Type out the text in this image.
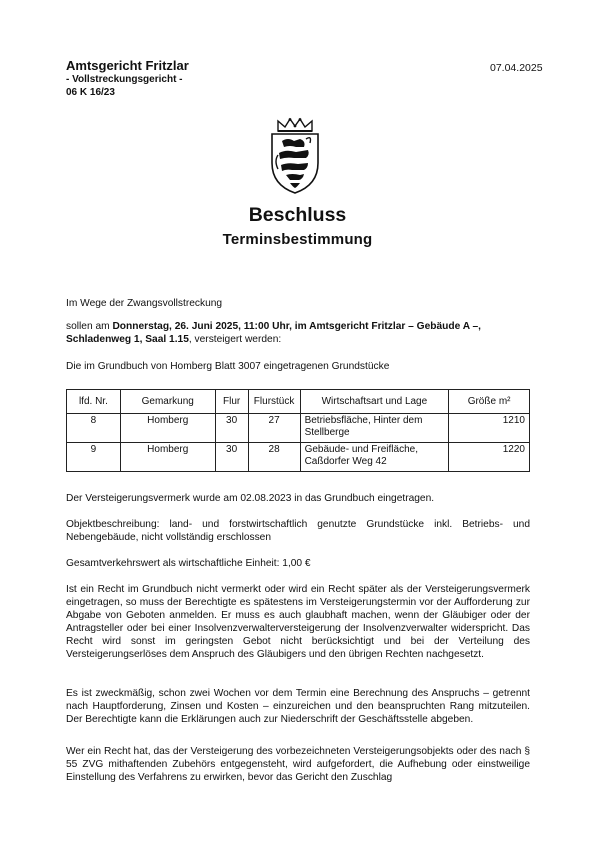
Amtsgericht Fritzlar
- Vollstreckungsgericht -
06 K 16/23
07.04.2025
Beschluss
Terminsbestimmung
Im Wege der Zwangsvollstreckung
sollen am Donnerstag, 26. Juni 2025, 11:00 Uhr, im Amtsgericht Fritzlar – Gebäude A –, Schladenweg 1, Saal 1.15, versteigert werden:
Die im Grundbuch von Homberg Blatt 3007 eingetragenen Grundstücke
lfd. Nr.	Gemarkung	Flur	Flurstück	Wirtschaftsart und Lage	Größe m²
8	Homberg	30	27	Betriebsfläche, Hinter dem Stellberge	1210
9	Homberg	30	28	Gebäude- und Freifläche, Caßdorfer Weg 42	1220
Der Versteigerungsvermerk wurde am 02.08.2023 in das Grundbuch eingetragen.
Objektbeschreibung: land- und forstwirtschaftlich genutzte Grundstücke inkl. Betriebs- und Nebengebäude, nicht vollständig erschlossen
Gesamtverkehrswert als wirtschaftliche Einheit: 1,00 €
Ist ein Recht im Grundbuch nicht vermerkt oder wird ein Recht später als der Versteigerungsvermerk eingetragen, so muss der Berechtigte es spätestens im Versteigerungstermin vor der Aufforderung zur Abgabe von Geboten anmelden. Er muss es auch glaubhaft machen, wenn der Gläubiger oder der Antragsteller oder bei einer Insolvenzverwalterversteigerung der Insolvenzverwalter widerspricht. Das Recht wird sonst im geringsten Gebot nicht berücksichtigt und bei der Verteilung des Versteigerungserlöses dem Anspruch des Gläubigers und den übrigen Rechten nachgesetzt.
Es ist zweckmäßig, schon zwei Wochen vor dem Termin eine Berechnung des Anspruchs – getrennt nach Hauptforderung, Zinsen und Kosten – einzureichen und den beanspruchten Rang mitzuteilen. Der Berechtigte kann die Erklärungen auch zur Niederschrift der Geschäftsstelle abgeben.
Wer ein Recht hat, das der Versteigerung des vorbezeichneten Versteigerungsobjekts oder des nach § 55 ZVG mithaftenden Zubehörs entgegensteht, wird aufgefordert, die Aufhebung oder einstweilige Einstellung des Verfahrens zu erwirken, bevor das Gericht den Zuschlag
